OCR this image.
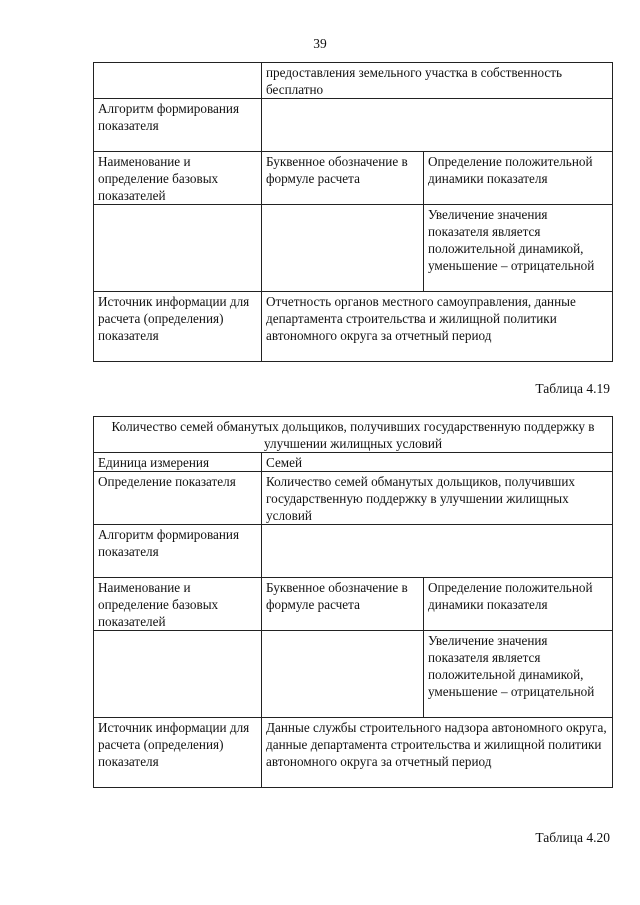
39
	предоставления земельного участка в собственность бесплатно	
Алгоритм формирования показателя		
Наименование и определение базовых показателей	Буквенное обозначение в формуле расчета	Определение положительной динамики показателя
		Увеличение значения показателя является положительной динамикой, уменьшение – отрицательной
Источник информации для расчета (определения) показателя	Отчетность органов местного самоуправления, данные департамента строительства и жилищной политики автономного округа за отчетный период	
Таблица 4.19
Количество семей обманутых дольщиков, получивших государственную поддержку в улучшении жилищных условий		
Единица измерения	Семей	
Определение показателя	Количество семей обманутых дольщиков, получивших государственную поддержку в улучшении жилищных условий	
Алгоритм формирования показателя		
Наименование и определение базовых показателей	Буквенное обозначение в формуле расчета	Определение положительной динамики показателя
		Увеличение значения показателя является положительной динамикой, уменьшение – отрицательной
Источник информации для расчета (определения) показателя	Данные службы строительного надзора автономного округа, данные департамента строительства и жилищной политики автономного округа за отчетный период	
Таблица 4.20
